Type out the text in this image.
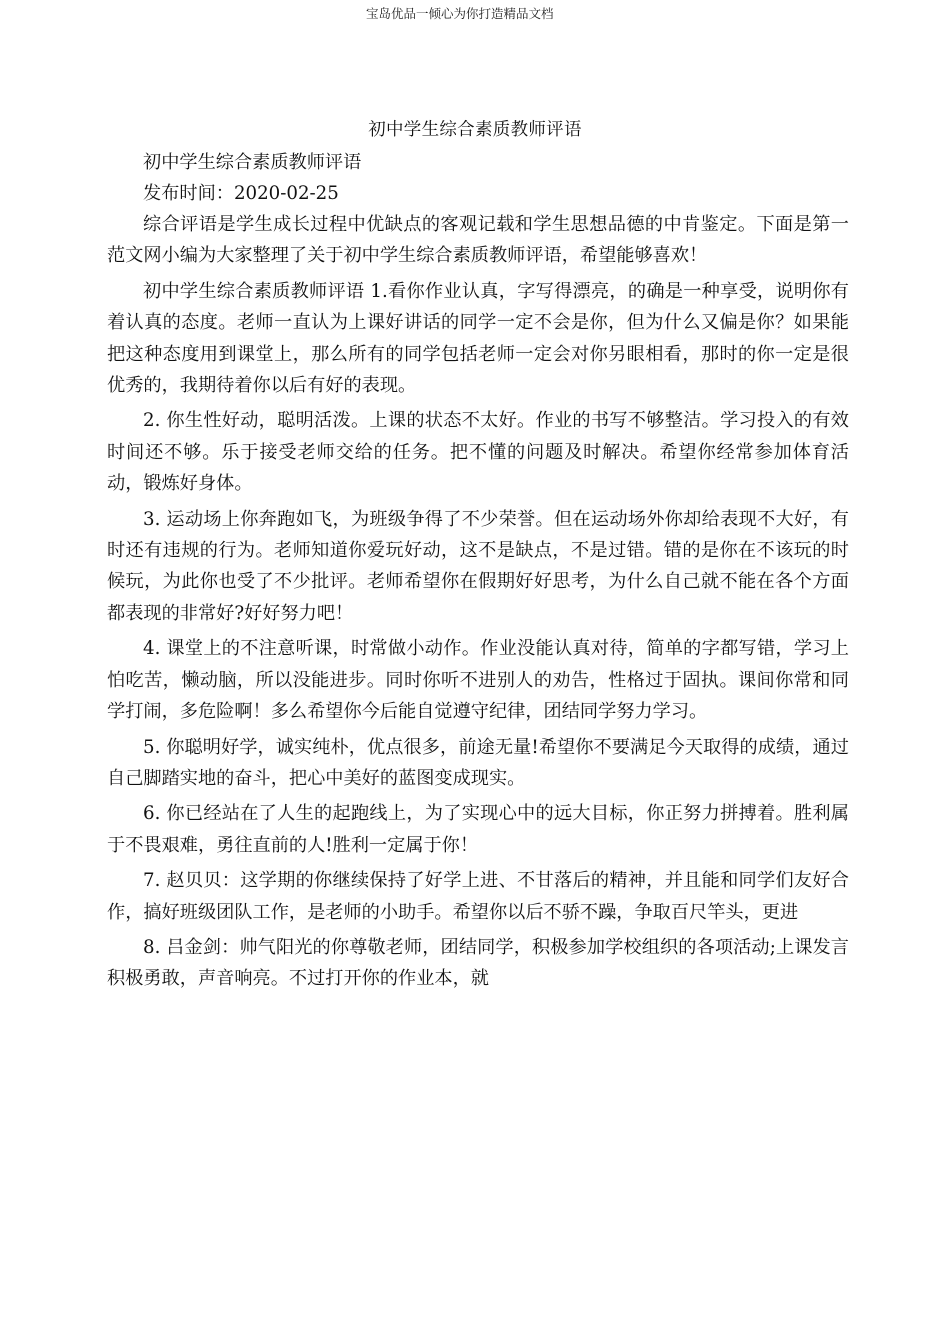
宝岛优品一倾心为你打造精品文档
初中学生综合素质教师评语

初中学生综合素质教师评语

发布时间：2020-02-25

综合评语是学生成长过程中优缺点的客观记载和学生思想品德的中肯鉴定。下面是第一范文网小编为大家整理了关于初中学生综合素质教师评语，希望能够喜欢！

初中学生综合素质教师评语 1.看你作业认真，字写得漂亮，的确是一种享受，说明你有着认真的态度。老师一直认为上课好讲话的同学一定不会是你，但为什么又偏是你？如果能把这种态度用到课堂上，那么所有的同学包括老师一定会对你另眼相看，那时的你一定是很优秀的，我期待着你以后有好的表现。

2. 你生性好动，聪明活泼。上课的状态不太好。作业的书写不够整洁。学习投入的有效时间还不够。乐于接受老师交给的任务。把不懂的问题及时解决。希望你经常参加体育活动，锻炼好身体。

3. 运动场上你奔跑如飞，为班级争得了不少荣誉。但在运动场外你却给表现不大好，有时还有违规的行为。老师知道你爱玩好动，这不是缺点，不是过错。错的是你在不该玩的时候玩，为此你也受了不少批评。老师希望你在假期好好思考，为什么自己就不能在各个方面都表现的非常好?好好努力吧！

4. 课堂上的不注意听课，时常做小动作。作业没能认真对待，简单的字都写错，学习上怕吃苦，懒动脑，所以没能进步。同时你听不进别人的劝告，性格过于固执。课间你常和同学打闹，多危险啊！多么希望你今后能自觉遵守纪律，团结同学努力学习。

5. 你聪明好学，诚实纯朴，优点很多，前途无量!希望你不要满足今天取得的成绩，通过自己脚踏实地的奋斗，把心中美好的蓝图变成现实。

6. 你已经站在了人生的起跑线上，为了实现心中的远大目标，你正努力拼搏着。胜利属于不畏艰难，勇往直前的人!胜利一定属于你！

7. 赵贝贝：这学期的你继续保持了好学上进、不甘落后的精神，并且能和同学们友好合作，搞好班级团队工作，是老师的小助手。希望你以后不骄不躁，争取百尺竿头，更进

8. 吕金剑：帅气阳光的你尊敬老师，团结同学，积极参加学校组织的各项活动;上课发言积极勇敢，声音响亮。不过打开你的作业本，就
